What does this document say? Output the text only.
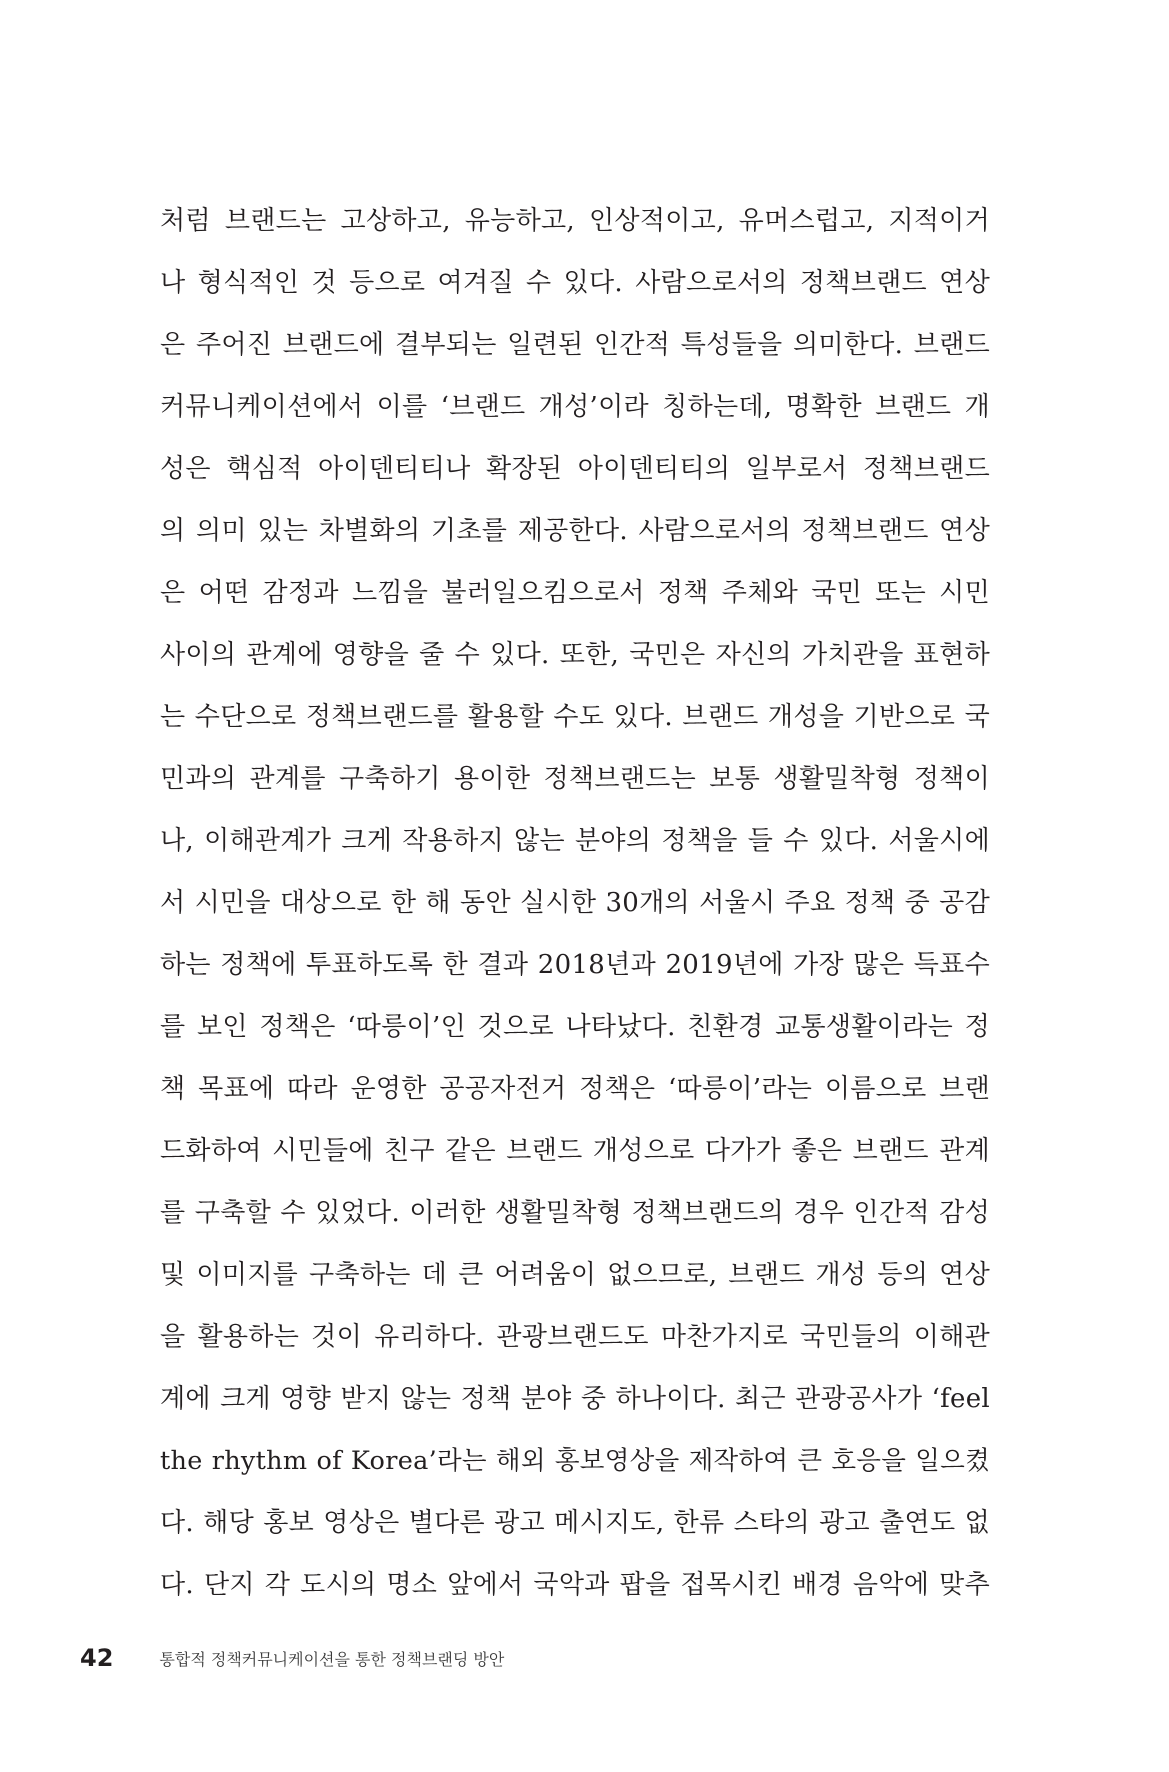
처럼 브랜드는 고상하고, 유능하고, 인상적이고, 유머스럽고, 지적이거
나 형식적인 것 등으로 여겨질 수 있다. 사람으로서의 정책브랜드 연상
은 주어진 브랜드에 결부되는 일련된 인간적 특성들을 의미한다. 브랜드
커뮤니케이션에서 이를 ‘브랜드 개성’이라 칭하는데, 명확한 브랜드 개
성은 핵심적 아이덴티티나 확장된 아이덴티티의 일부로서 정책브랜드
의 의미 있는 차별화의 기초를 제공한다. 사람으로서의 정책브랜드 연상
은 어떤 감정과 느낌을 불러일으킴으로서 정책 주체와 국민 또는 시민
사이의 관계에 영향을 줄 수 있다. 또한, 국민은 자신의 가치관을 표현하
는 수단으로 정책브랜드를 활용할 수도 있다. 브랜드 개성을 기반으로 국
민과의 관계를 구축하기 용이한 정책브랜드는 보통 생활밀착형 정책이
나, 이해관계가 크게 작용하지 않는 분야의 정책을 들 수 있다. 서울시에
서 시민을 대상으로 한 해 동안 실시한 30개의 서울시 주요 정책 중 공감
하는 정책에 투표하도록 한 결과 2018년과 2019년에 가장 많은 득표수
를 보인 정책은 ‘따릉이’인 것으로 나타났다. 친환경 교통생활이라는 정
책 목표에 따라 운영한 공공자전거 정책은 ‘따릉이’라는 이름으로 브랜
드화하여 시민들에 친구 같은 브랜드 개성으로 다가가 좋은 브랜드 관계
를 구축할 수 있었다. 이러한 생활밀착형 정책브랜드의 경우 인간적 감성
및 이미지를 구축하는 데 큰 어려움이 없으므로, 브랜드 개성 등의 연상
을 활용하는 것이 유리하다. 관광브랜드도 마찬가지로 국민들의 이해관
계에 크게 영향 받지 않는 정책 분야 중 하나이다. 최근 관광공사가 ‘feel
the rhythm of Korea’라는 해외 홍보영상을 제작하여 큰 호응을 일으켰
다. 해당 홍보 영상은 별다른 광고 메시지도, 한류 스타의 광고 출연도 없
다. 단지 각 도시의 명소 앞에서 국악과 팝을 접목시킨 배경 음악에 맞추
42	통합적 정책커뮤니케이션을 통한 정책브랜딩 방안
